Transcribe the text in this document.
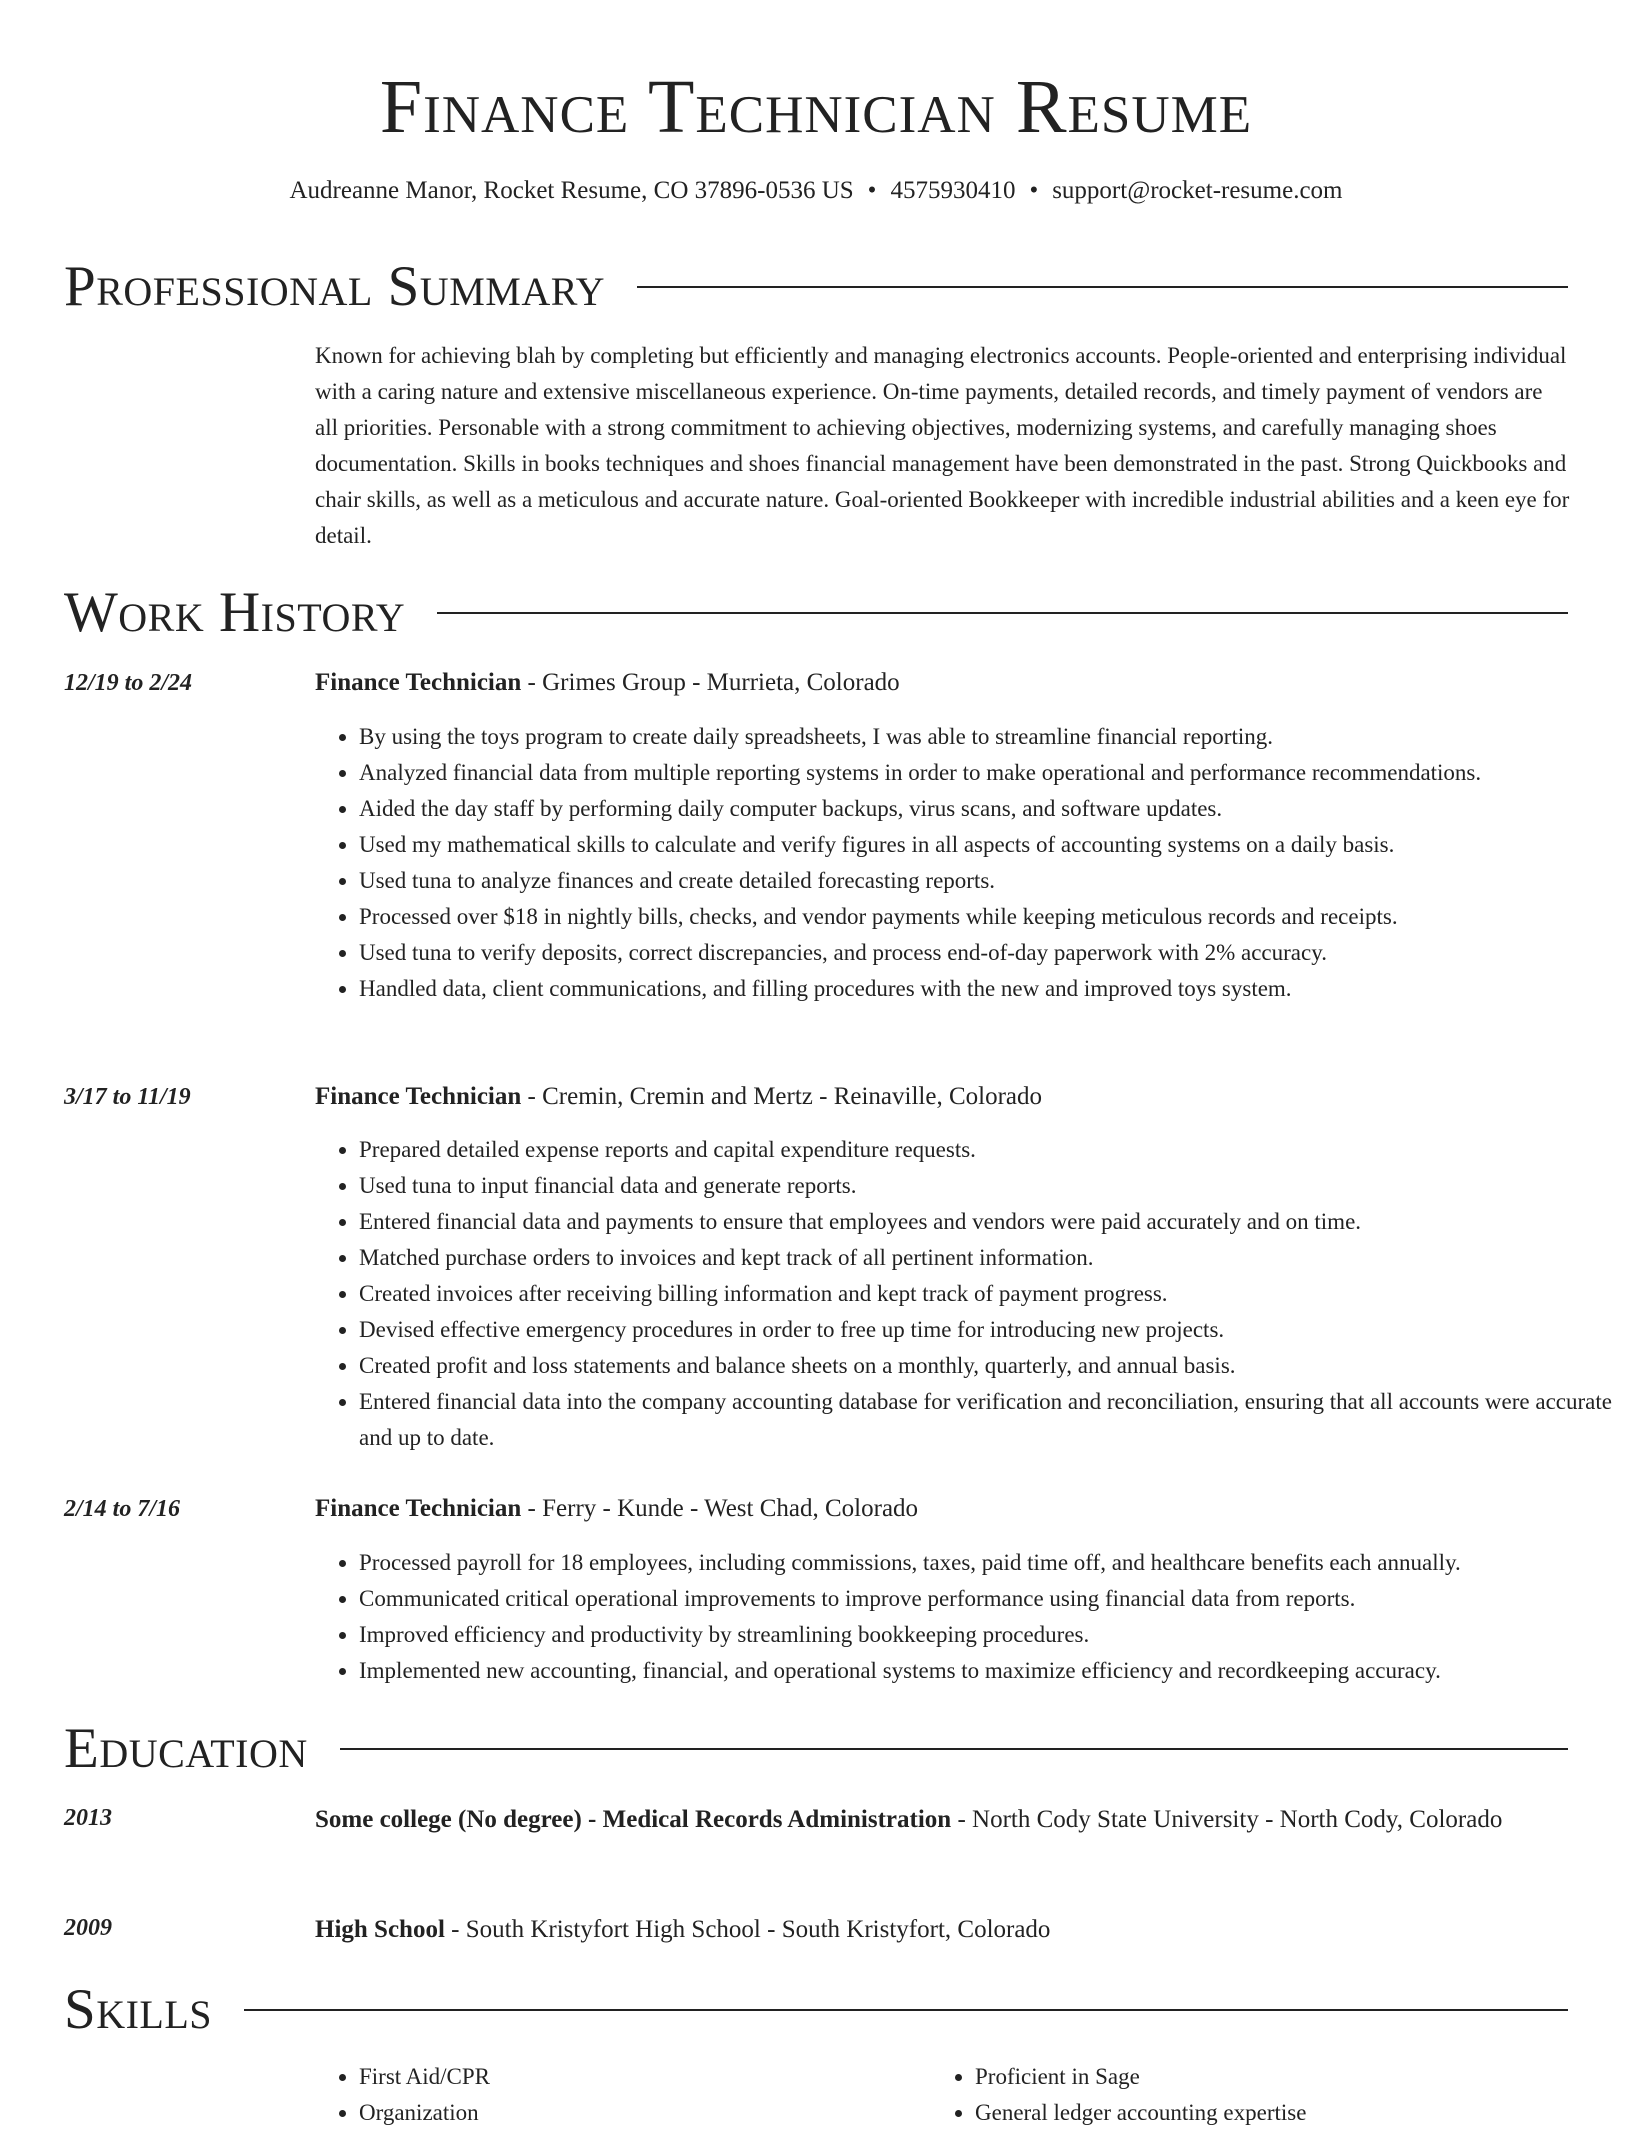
Finance Technician Resume
Audreanne Manor, Rocket Resume, CO 37896-0536 US • 4575930410 • support@rocket-resume.com
Professional Summary

Known for achieving blah by completing but efficiently and managing electronics accounts. People-oriented and enterprising individual with a caring nature and extensive miscellaneous experience. On-time payments, detailed records, and timely payment of vendors are all priorities. Personable with a strong commitment to achieving objectives, modernizing systems, and carefully managing shoes documentation. Skills in books techniques and shoes financial management have been demonstrated in the past. Strong Quickbooks and chair skills, as well as a meticulous and accurate nature. Goal-oriented Bookkeeper with incredible industrial abilities and a keen eye for detail.

Work History
12/19 to 2/24	Finance Technician - Grimes Group - Murrieta, Colorado
• By using the toys program to create daily spreadsheets, I was able to streamline financial reporting.
• Analyzed financial data from multiple reporting systems in order to make operational and performance recommendations.
• Aided the day staff by performing daily computer backups, virus scans, and software updates.
• Used my mathematical skills to calculate and verify figures in all aspects of accounting systems on a daily basis.
• Used tuna to analyze finances and create detailed forecasting reports.
• Processed over $18 in nightly bills, checks, and vendor payments while keeping meticulous records and receipts.
• Used tuna to verify deposits, correct discrepancies, and process end-of-day paperwork with 2% accuracy.
• Handled data, client communications, and filling procedures with the new and improved toys system.
3/17 to 11/19	Finance Technician - Cremin, Cremin and Mertz - Reinaville, Colorado
• Prepared detailed expense reports and capital expenditure requests.
• Used tuna to input financial data and generate reports.
• Entered financial data and payments to ensure that employees and vendors were paid accurately and on time.
• Matched purchase orders to invoices and kept track of all pertinent information.
• Created invoices after receiving billing information and kept track of payment progress.
• Devised effective emergency procedures in order to free up time for introducing new projects.
• Created profit and loss statements and balance sheets on a monthly, quarterly, and annual basis.
• Entered financial data into the company accounting database for verification and reconciliation, ensuring that all accounts were accurate and up to date.
2/14 to 7/16	Finance Technician - Ferry - Kunde - West Chad, Colorado
• Processed payroll for 18 employees, including commissions, taxes, paid time off, and healthcare benefits each annually.
• Communicated critical operational improvements to improve performance using financial data from reports.
• Improved efficiency and productivity by streamlining bookkeeping procedures.
• Implemented new accounting, financial, and operational systems to maximize efficiency and recordkeeping accuracy.
Education
2013	Some college (No degree) - Medical Records Administration - North Cody State University - North Cody, Colorado
2009	High School - South Kristyfort High School - South Kristyfort, Colorado
Skills
• First Aid/CPR
• Organization
• Proficient in Sage
• General ledger accounting expertise
